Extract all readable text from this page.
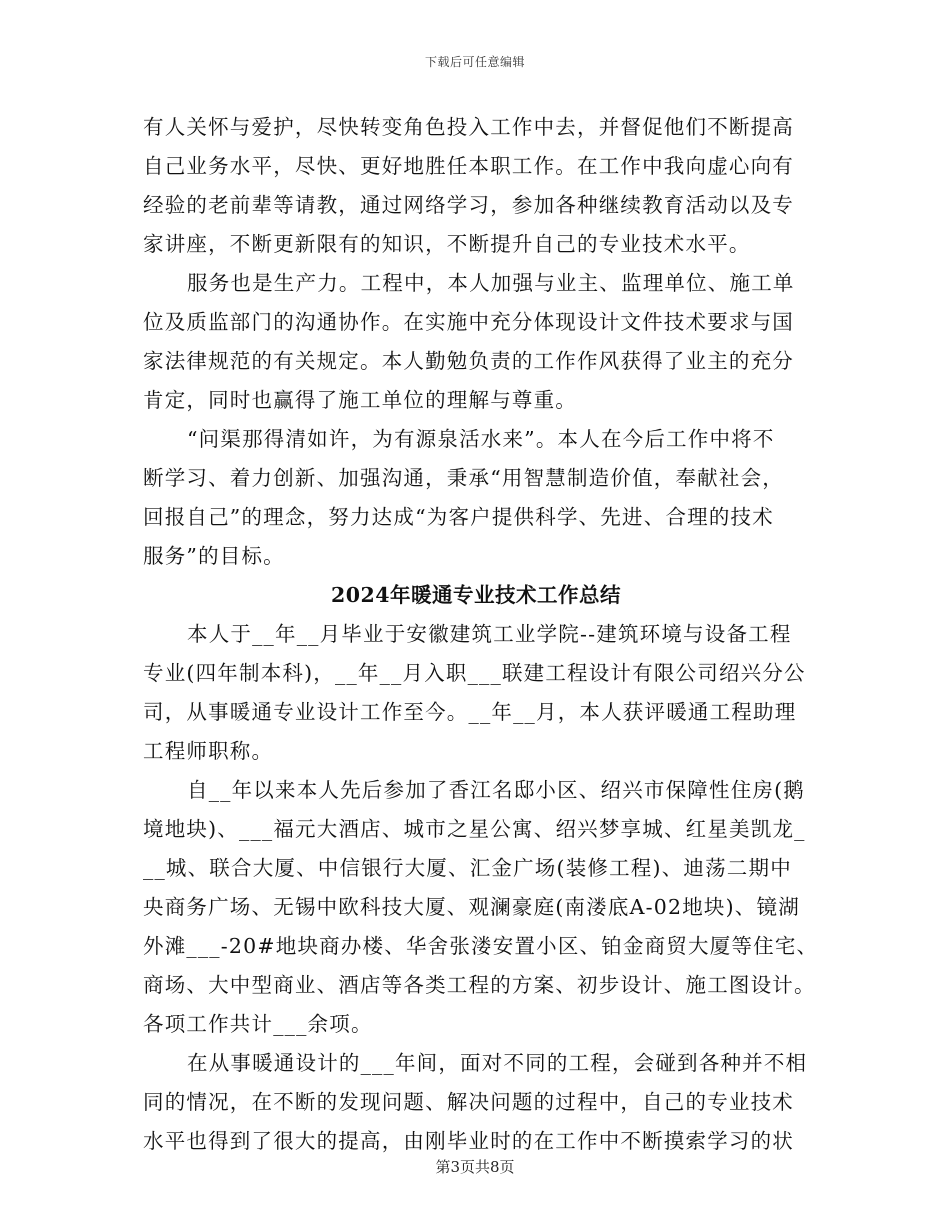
下载后可任意编辑
有人关怀与爱护，尽快转变角色投入工作中去，并督促他们不断提高
自己业务水平，尽快、更好地胜任本职工作。在工作中我向虚心向有
经验的老前辈等请教，通过网络学习，参加各种继续教育活动以及专
家讲座，不断更新限有的知识，不断提升自己的专业技术水平。
服务也是生产力。工程中，本人加强与业主、监理单位、施工单
位及质监部门的沟通协作。在实施中充分体现设计文件技术要求与国
家法律规范的有关规定。本人勤勉负责的工作作风获得了业主的充分
肯定，同时也赢得了施工单位的理解与尊重。
“问渠那得清如许，为有源泉活水来”。本人在今后工作中将不
断学习、着力创新、加强沟通，秉承“用智慧制造价值，奉献社会，
回报自己”的理念，努力达成“为客户提供科学、先进、合理的技术
服务”的目标。
2024年暖通专业技术工作总结
本人于__年__月毕业于安徽建筑工业学院--建筑环境与设备工程
专业(四年制本科)，__年__月入职___联建工程设计有限公司绍兴分公
司，从事暖通专业设计工作至今。__年__月，本人获评暖通工程助理
工程师职称。
自__年以来本人先后参加了香江名邸小区、绍兴市保障性住房(鹅
境地块)、___福元大酒店、城市之星公寓、绍兴梦享城、红星美凯龙_
__城、联合大厦、中信银行大厦、汇金广场(装修工程)、迪荡二期中
央商务广场、无锡中欧科技大厦、观澜豪庭(南溇底A-02地块)、镜湖
外滩___-20#地块商办楼、华舍张溇安置小区、铂金商贸大厦等住宅、
商场、大中型商业、酒店等各类工程的方案、初步设计、施工图设计。
各项工作共计___余项。
在从事暖通设计的___年间，面对不同的工程，会碰到各种并不相
同的情况，在不断的发现问题、解决问题的过程中，自己的专业技术
水平也得到了很大的提高，由刚毕业时的在工作中不断摸索学习的状
第3页共8页
